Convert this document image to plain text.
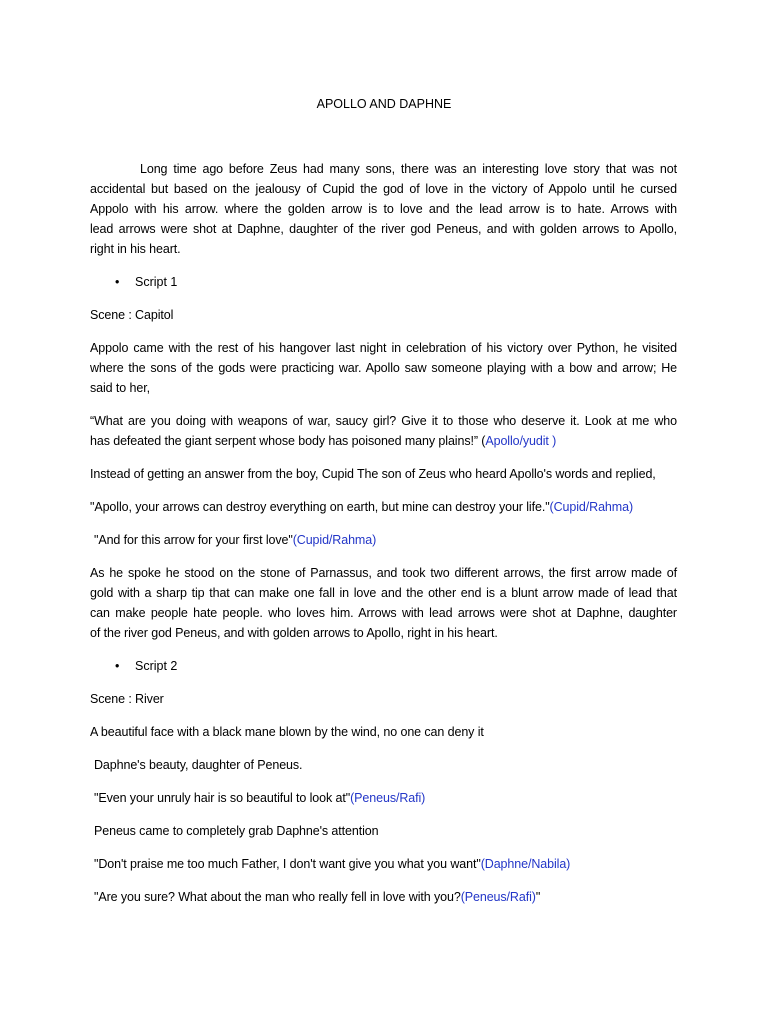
APOLLO AND DAPHNE
Long time ago before Zeus had many sons, there was an interesting love story that was not
accidental but based on the jealousy of Cupid the god of love in the victory of Appolo until he cursed
Appolo with his arrow. where the golden arrow is to love and the lead arrow is to hate. Arrows with
lead arrows were shot at Daphne, daughter of the river god Peneus, and with golden arrows to Apollo,
right in his heart.
• Script 1
Scene : Capitol
Appolo came with the rest of his hangover last night in celebration of his victory over Python, he visited
where the sons of the gods were practicing war. Apollo saw someone playing with a bow and arrow; He
said to her,
“What are you doing with weapons of war, saucy girl? Give it to those who deserve it. Look at me who
has defeated the giant serpent whose body has poisoned many plains!” (Apollo/yudit )
Instead of getting an answer from the boy, Cupid The son of Zeus who heard Apollo's words and replied,
"Apollo, your arrows can destroy everything on earth, but mine can destroy your life."(Cupid/Rahma)
"And for this arrow for your first love"(Cupid/Rahma)
As he spoke he stood on the stone of Parnassus, and took two different arrows, the first arrow made of
gold with a sharp tip that can make one fall in love and the other end is a blunt arrow made of lead that
can make people hate people. who loves him. Arrows with lead arrows were shot at Daphne, daughter
of the river god Peneus, and with golden arrows to Apollo, right in his heart.
• Script 2
Scene : River
A beautiful face with a black mane blown by the wind, no one can deny it
Daphne's beauty, daughter of Peneus.
"Even your unruly hair is so beautiful to look at"(Peneus/Rafi)
Peneus came to completely grab Daphne's attention
"Don't praise me too much Father, I don't want give you what you want"(Daphne/Nabila)
"Are you sure? What about the man who really fell in love with you?(Peneus/Rafi)"
